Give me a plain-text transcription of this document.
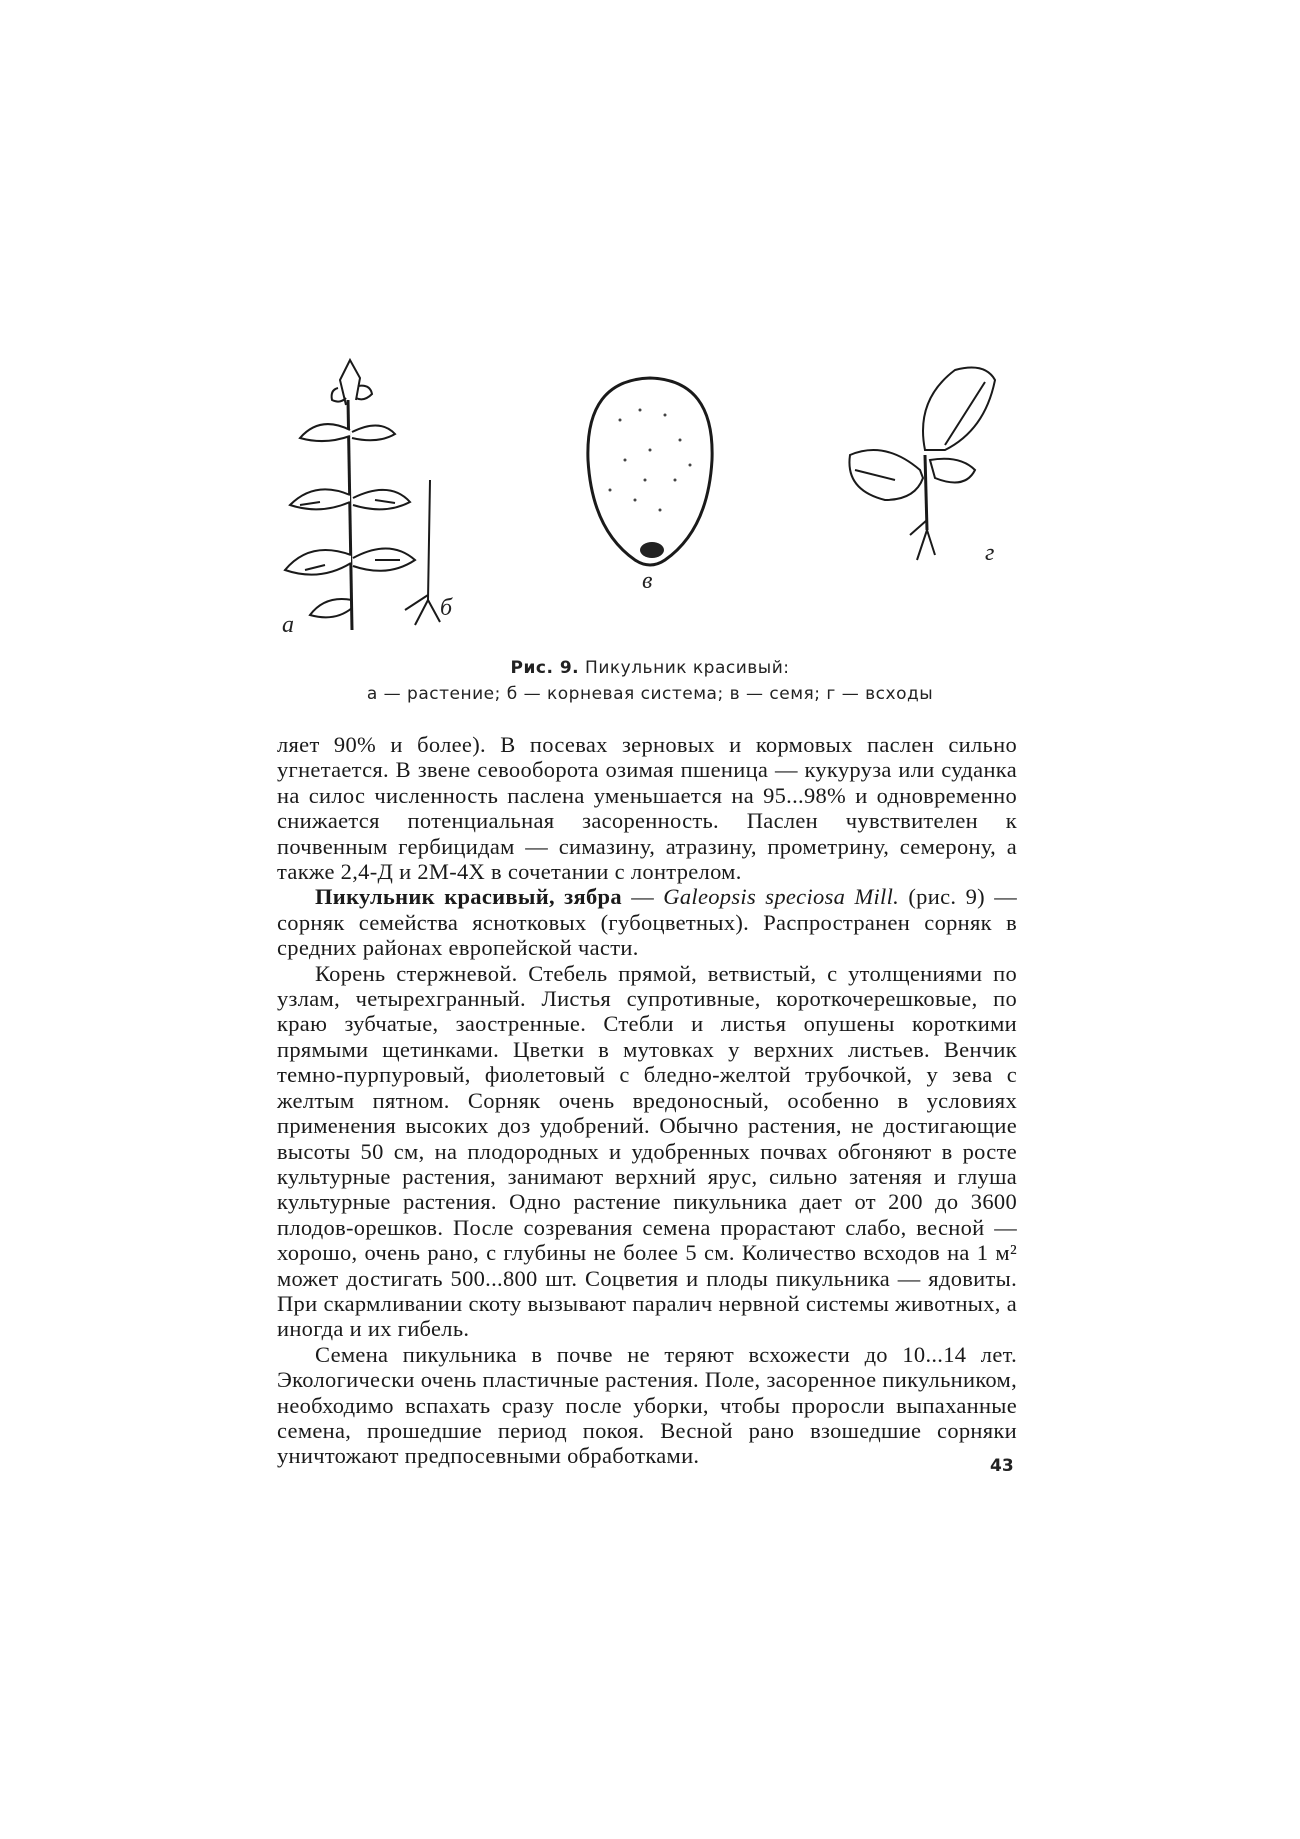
а
б
в
г
Рис. 9. Пикульник красивый:
а — растение; б — корневая система; в — семя; г — всходы

ляет 90% и более). В посевах зерновых и кормовых паслен сильно угнетается. В звене севооборота озимая пшеница — кукуруза или суданка на силос численность паслена уменьшается на 95...98% и одновременно снижается потенциальная засоренность. Паслен чувствителен к почвенным гербицидам — симазину, атразину, прометрину, семерону, а также 2,4-Д и 2М-4Х в сочетании с лонтрелом.

Пикульник красивый, зябра — Galeopsis speciosa Mill. (рис. 9) — сорняк семейства яснотковых (губоцветных). Распространен сорняк в средних районах европейской части.

Корень стержневой. Стебель прямой, ветвистый, с утолщениями по узлам, четырехгранный. Листья супротивные, короткочерешковые, по краю зубчатые, заостренные. Стебли и листья опушены короткими прямыми щетинками. Цветки в мутовках у верхних листьев. Венчик темно-пурпуровый, фиолетовый с бледно-желтой трубочкой, у зева с желтым пятном. Сорняк очень вредоносный, особенно в условиях применения высоких доз удобрений. Обычно растения, не достигающие высоты 50 см, на плодородных и удобренных почвах обгоняют в росте культурные растения, занимают верхний ярус, сильно затеняя и глуша культурные растения. Одно растение пикульника дает от 200 до 3600 плодов-орешков. После созревания семена прорастают слабо, весной — хорошо, очень рано, с глубины не более 5 см. Количество всходов на 1 м² может достигать 500...800 шт. Соцветия и плоды пикульника — ядовиты. При скармливании скоту вызывают паралич нервной системы животных, а иногда и их гибель.

Семена пикульника в почве не теряют всхожести до 10...14 лет. Экологически очень пластичные растения. Поле, засоренное пикульником, необходимо вспахать сразу после уборки, чтобы проросли выпаханные семена, прошедшие период покоя. Весной рано взошедшие сорняки уничтожают предпосевными обработками.	43
